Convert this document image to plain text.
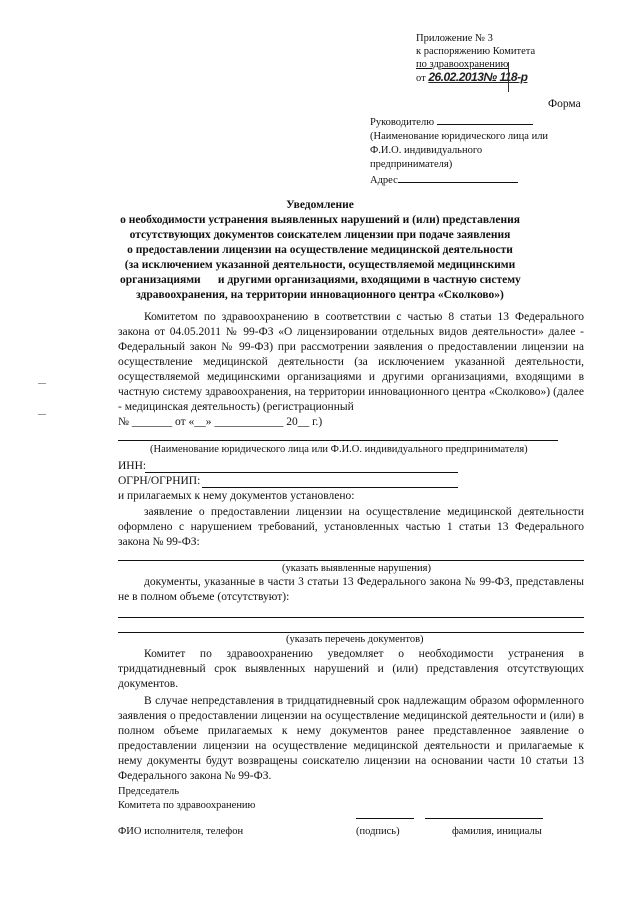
Приложение № 3
к распоряжению Комитета
по здравоохранению
от 26.02.2013№ 118-р
Форма
Руководителю
(Наименование юридического лица или
Ф.И.О. индивидуального
предпринимателя)
Адрес
Уведомление
о необходимости устранения выявленных нарушений и (или) представления
отсутствующих документов соискателем лицензии при подаче заявления
о предоставлении лицензии на осуществление медицинской деятельности
(за исключением указанной деятельности, осуществляемой медицинскими
организациями      и другими организациями, входящими в частную систему
здравоохранения, на территории инновационного центра «Сколково»)

Комитетом по здравоохранению в соответствии с частью 8 статьи 13 Федерального закона от 04.05.2011 № 99-ФЗ «О лицензировании отдельных видов деятельности» далее - Федеральный закон № 99-ФЗ) при рассмотрении заявления о предоставлении лицензии на осуществление медицинской деятельности (за исключением указанной деятельности, осуществляемой медицинскими организациями и другими организациями, входящими в частную систему здравоохранения, на территории инновационного центра «Сколково») (далее - медицинская деятельность) (регистрационный

№ _______ от «__» ____________ 20__ г.)

(Наименование юридического лица или Ф.И.О. индивидуального предпринимателя)
ИНН:
ОГРН/ОГРНИП:
и прилагаемых к нему документов установлено:

заявление о предоставлении лицензии на осуществление медицинской деятельности оформлено с нарушением требований, установленных частью 1 статьи 13 Федерального закона № 99-ФЗ:

(указать выявленные нарушения)

документы, указанные в части 3 статьи 13 Федерального закона № 99-ФЗ, представлены не в полном объеме (отсутствуют):

(указать перечень документов)

Комитет по здравоохранению уведомляет о необходимости устранения в тридцатидневный срок выявленных нарушений и (или) представления отсутствующих документов.

В случае непредставления в тридцатидневный срок надлежащим образом оформленного заявления о предоставлении лицензии на осуществление медицинской деятельности и (или) в полном объеме прилагаемых к нему документов ранее представленное заявление о предоставлении лицензии на осуществление медицинской деятельности и прилагаемые к нему документы будут возвращены соискателю лицензии на основании части 10 статьи 13 Федерального закона № 99-ФЗ.

Председатель
Комитета по здравоохранению
ФИО исполнителя, телефон	(подпись)	фамилия, инициалы
